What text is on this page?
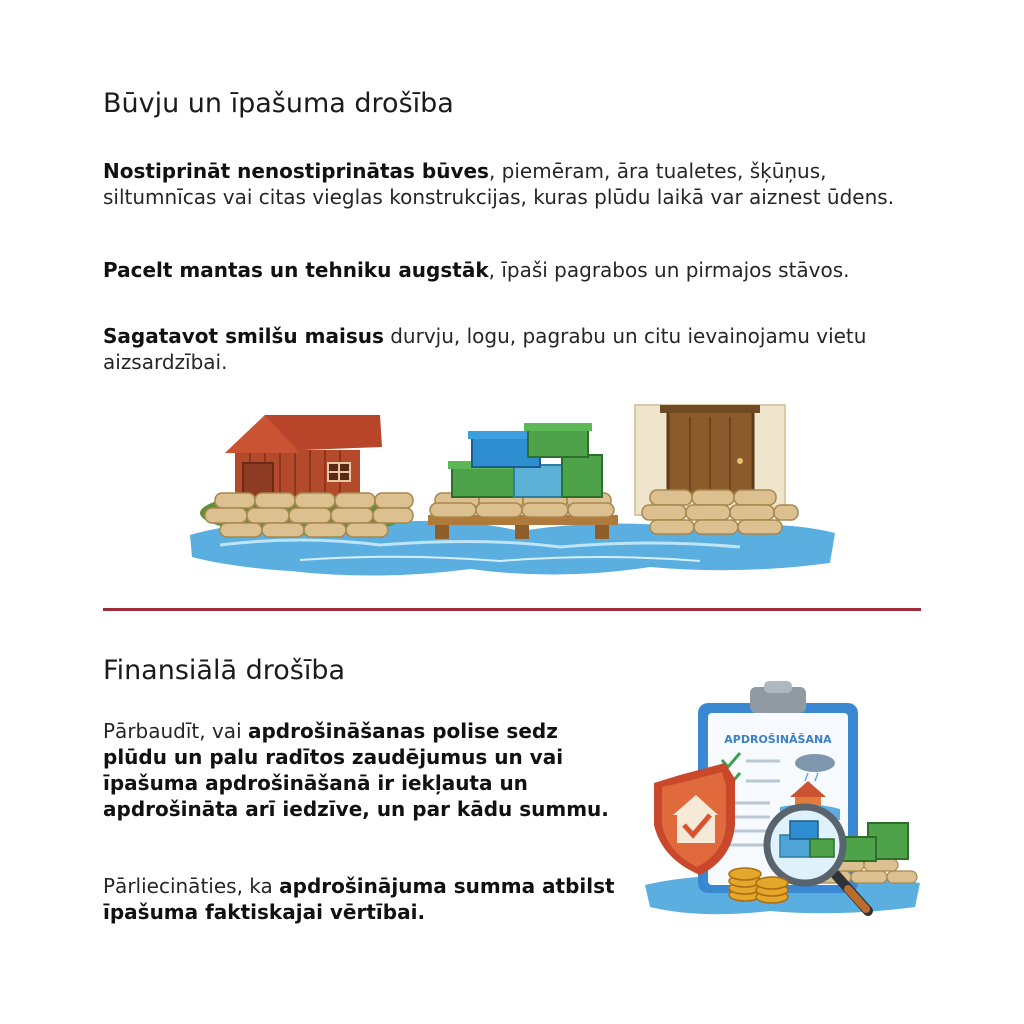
Būvju un īpašuma drošība

Nostiprināt nenostiprinātas būves, piemēram, āra tualetes, šķūņus, siltumnīcas vai citas vieglas konstrukcijas, kuras plūdu laikā var aiznest ūdens.

Pacelt mantas un tehniku augstāk, īpaši pagrabos un pirmajos stāvos.

Sagatavot smilšu maisus durvju, logu, pagrabu un citu ievainojamu vietu aizsardzībai.

Finansiālā drošība

Pārbaudīt, vai apdrošināšanas polise sedz plūdu un palu radītos zaudējumus un vai īpašuma apdrošināšanā ir iekļauta un apdrošināta arī iedzīve, un par kādu summu.

Pārliecināties, ka apdrošinājuma summa atbilst īpašuma faktiskajai vērtībai.

APDROŠINĀŠANA
